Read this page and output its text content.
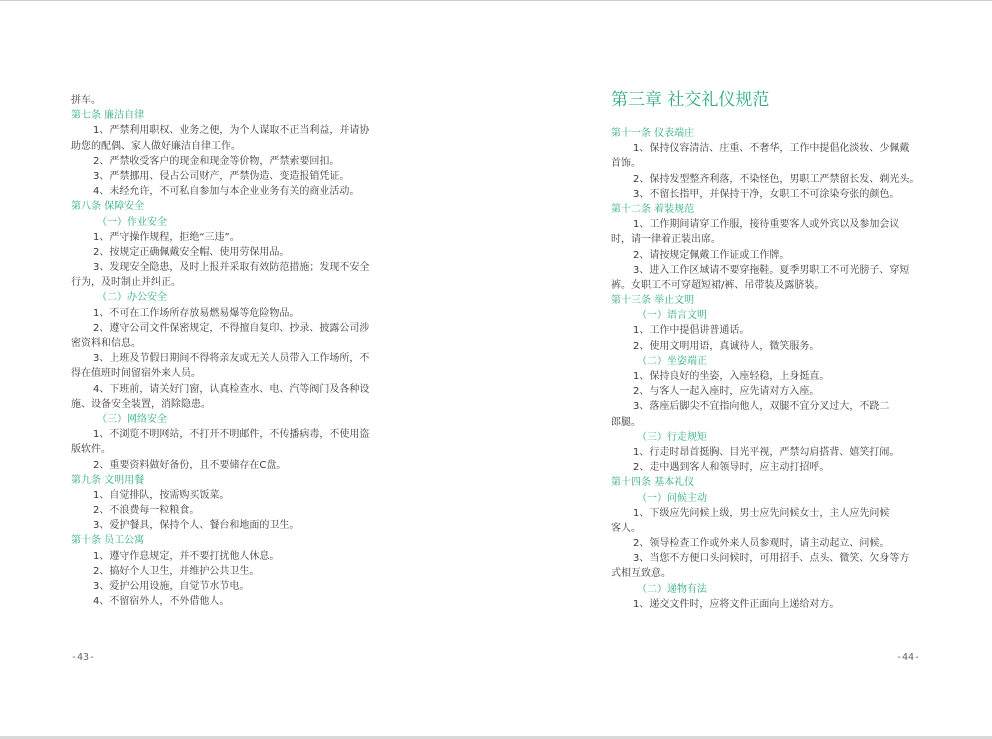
拼车。
第七条 廉洁自律
1、严禁利用职权、业务之便，为个人谋取不正当利益，并请协
助您的配偶、家人做好廉洁自律工作。
2、严禁收受客户的现金和现金等价物，严禁索要回扣。
3、严禁挪用、侵占公司财产，严禁伪造、变造报销凭证。
4、未经允许，不可私自参加与本企业业务有关的商业活动。
第八条 保障安全
（一）作业安全
1、严守操作规程，拒绝“三违”。
2、按规定正确佩戴安全帽、使用劳保用品。
3、发现安全隐患，及时上报并采取有效防范措施；发现不安全
行为，及时制止并纠正。
（二）办公安全
1、不可在工作场所存放易燃易爆等危险物品。
2、遵守公司文件保密规定，不得擅自复印、抄录、披露公司涉
密资料和信息。
3、上班及节假日期间不得将亲友或无关人员带入工作场所，不
得在值班时间留宿外来人员。
4、下班前，请关好门窗，认真检查水、电、汽等阀门及各种设
施、设备安全装置，消除隐患。
（三）网络安全
1、不浏览不明网站，不打开不明邮件，不传播病毒，不使用盗
版软件。
2、重要资料做好备份，且不要储存在C盘。
第九条 文明用餐
1、自觉排队，按需购买饭菜。
2、不浪费每一粒粮食。
3、爱护餐具，保持个人、餐台和地面的卫生。
第十条 员工公寓
1、遵守作息规定，并不要打扰他人休息。
2、搞好个人卫生，并维护公共卫生。
3、爱护公用设施，自觉节水节电。
4、不留宿外人，不外借他人。
-43-
第三章 社交礼仪规范
第十一条 仪表端庄
1、保持仪容清洁、庄重、不奢华，工作中提倡化淡妆、少佩戴
首饰。
2、保持发型整齐利落，不染怪色，男职工严禁留长发、剃光头。
3、不留长指甲，并保持干净，女职工不可涂染夸张的颜色。
第十二条 着装规范
1、工作期间请穿工作服，接待重要客人或外宾以及参加会议
时，请一律着正装出席。
2、请按规定佩戴工作证或工作牌。
3、进入工作区域请不要穿拖鞋。夏季男职工不可光膀子、穿短
裤。女职工不可穿超短裙/裤、吊带装及露脐装。
第十三条 举止文明
（一）语言文明
1、工作中提倡讲普通话。
2、使用文明用语，真诚待人，微笑服务。
（二）坐姿端正
1、保持良好的坐姿，入座轻稳，上身挺直。
2、与客人一起入座时，应先请对方入座。
3、落座后脚尖不宜指向他人，双腿不宜分叉过大，不跷二
郎腿。
（三）行走规矩
1、行走时昂首挺胸、目光平视，严禁勾肩搭背、嬉笑打闹。
2、走中遇到客人和领导时，应主动打招呼。
第十四条 基本礼仪
（一）问候主动
1、下级应先问候上级，男士应先问候女士，主人应先问候
客人。
2、领导检查工作或外来人员参观时，请主动起立、问候。
3、当您不方便口头问候时，可用招手、点头、微笑、欠身等方
式相互致意。
（二）递物有法
1、递交文件时，应将文件正面向上递给对方。
-44-
